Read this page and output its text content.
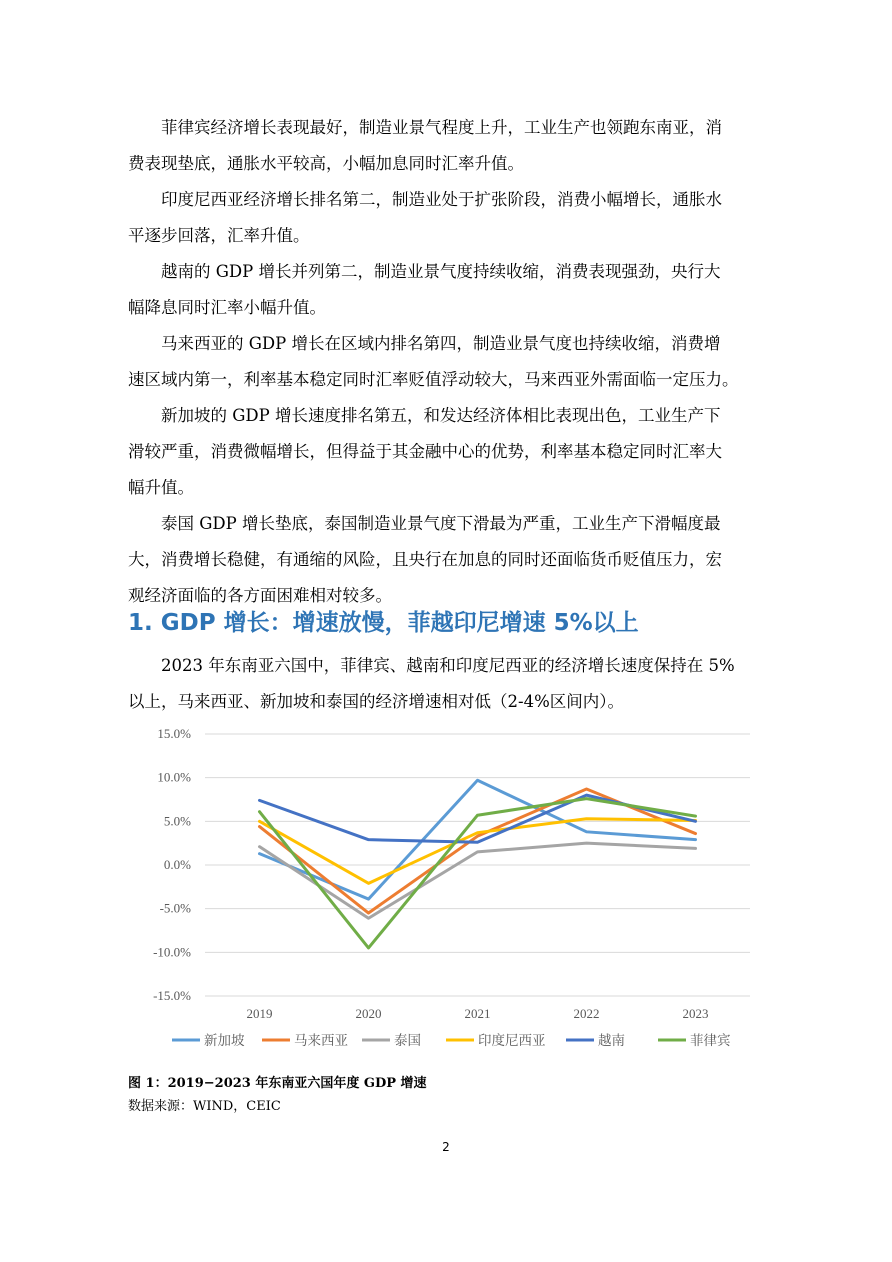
菲律宾经济增长表现最好，制造业景气程度上升，工业生产也领跑东南亚，消
费表现垫底，通胀水平较高，小幅加息同时汇率升值。
印度尼西亚经济增长排名第二，制造业处于扩张阶段，消费小幅增长，通胀水
平逐步回落，汇率升值。
越南的 GDP 增长并列第二，制造业景气度持续收缩，消费表现强劲，央行大
幅降息同时汇率小幅升值。
马来西亚的 GDP 增长在区域内排名第四，制造业景气度也持续收缩，消费增
速区域内第一，利率基本稳定同时汇率贬值浮动较大，马来西亚外需面临一定压力。
新加坡的 GDP 增长速度排名第五，和发达经济体相比表现出色，工业生产下
滑较严重，消费微幅增长，但得益于其金融中心的优势，利率基本稳定同时汇率大
幅升值。
泰国 GDP 增长垫底，泰国制造业景气度下滑最为严重，工业生产下滑幅度最
大，消费增长稳健，有通缩的风险，且央行在加息的同时还面临货币贬值压力，宏
观经济面临的各方面困难相对较多。
1. GDP 增长：增速放慢，菲越印尼增速 5%以上
2023 年东南亚六国中，菲律宾、越南和印度尼西亚的经济增长速度保持在 5%
以上，马来西亚、新加坡和泰国的经济增速相对低（2-4%区间内）。
15.0%
10.0%
5.0%
0.0%
-5.0%
-10.0%
-15.0%
2019	2020	2021	2022	2023
新加坡	马来西亚	泰国	印度尼西亚	越南	菲律宾

图 1：2019−2023 年东南亚六国年度 GDP 增速

数据来源：WIND，CEIC

2
